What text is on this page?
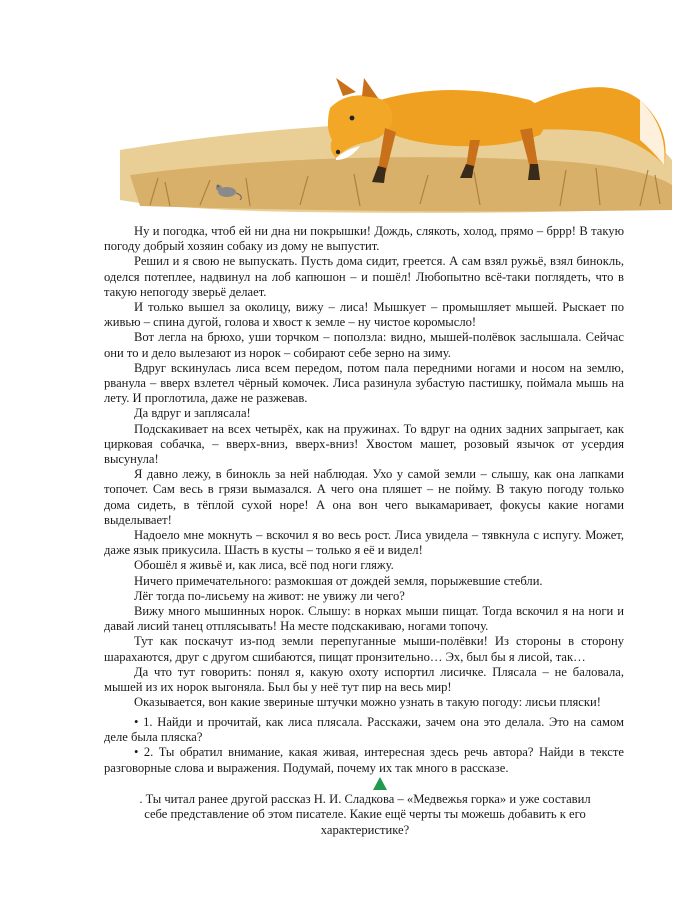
Ну и погодка, чтоб ей ни дна ни покрышки! Дождь, слякоть, холод, прямо – бррр! В такую погоду добрый хозяин собаку из дому не выпустит.

Решил и я свою не выпускать. Пусть дома сидит, греется. А сам взял ружьё, взял бинокль, оделся потеплее, надвинул на лоб капюшон – и пошёл! Любопытно всё-таки поглядеть, что в такую непогоду зверьё делает.

И только вышел за околицу, вижу – лиса! Мышкует – промышляет мышей. Рыскает по живью – спина дугой, голова и хвост к земле – ну чистое коромысло!

Вот легла на брюхо, уши торчком – поползла: видно, мышей-полёвок заслышала. Сейчас они то и дело вылезают из норок – собирают себе зерно на зиму.

Вдруг вскинулась лиса всем передом, потом пала передними ногами и носом на землю, рванула – вверх взлетел чёрный комочек. Лиса разинула зубастую пастишку, поймала мышь на лету. И проглотила, даже не разжевав.

Да вдруг и заплясала!

Подскакивает на всех четырёх, как на пружинах. То вдруг на одних задних запрыгает, как цирковая собачка, – вверх-вниз, вверх-вниз! Хвостом машет, розовый язычок от усердия высунула!

Я давно лежу, в бинокль за ней наблюдая. Ухо у самой земли – слышу, как она лапками топочет. Сам весь в грязи вымазался. А чего она пляшет – не пойму. В такую погоду только дома сидеть, в тёплой сухой норе! А она вон чего выкамаривает, фокусы какие ногами выделывает!

Надоело мне мокнуть – вскочил я во весь рост. Лиса увидела – тявкнула с испугу. Может, даже язык прикусила. Шасть в кусты – только я её и видел!

Обошёл я живьё и, как лиса, всё под ноги гляжу.

Ничего примечательного: размокшая от дождей земля, порыжевшие стебли.

Лёг тогда по-лисьему на живот: не увижу ли чего?

Вижу много мышинных норок. Слышу: в норках мыши пищат. Тогда вскочил я на ноги и давай лисий танец отплясывать! На месте подскакиваю, ногами топочу.

Тут как поскачут из-под земли перепуганные мыши-полёвки! Из стороны в сторону шарахаются, друг с другом сшибаются, пищат пронзительно… Эх, был бы я лисой, так…

Да что тут говорить: понял я, какую охоту испортил лисичке. Плясала – не баловала, мышей из их норок выгоняла. Был бы у неё тут пир на весь мир!

Оказывается, вон какие звериные штучки можно узнать в такую погоду: лисьи пляски!

• 1. Найди и прочитай, как лиса плясала. Расскажи, зачем она это делала. Это на самом деле была пляска?

• 2. Ты обратил внимание, какая живая, интересная здесь речь автора? Найди в тексте разговорные слова и выражения. Подумай, почему их так много в рассказе.

. Ты читал ранее другой рассказ Н. И. Сладкова – «Медвежья горка» и уже составил себе представление об этом писателе. Какие ещё черты ты можешь добавить к его характеристике?
